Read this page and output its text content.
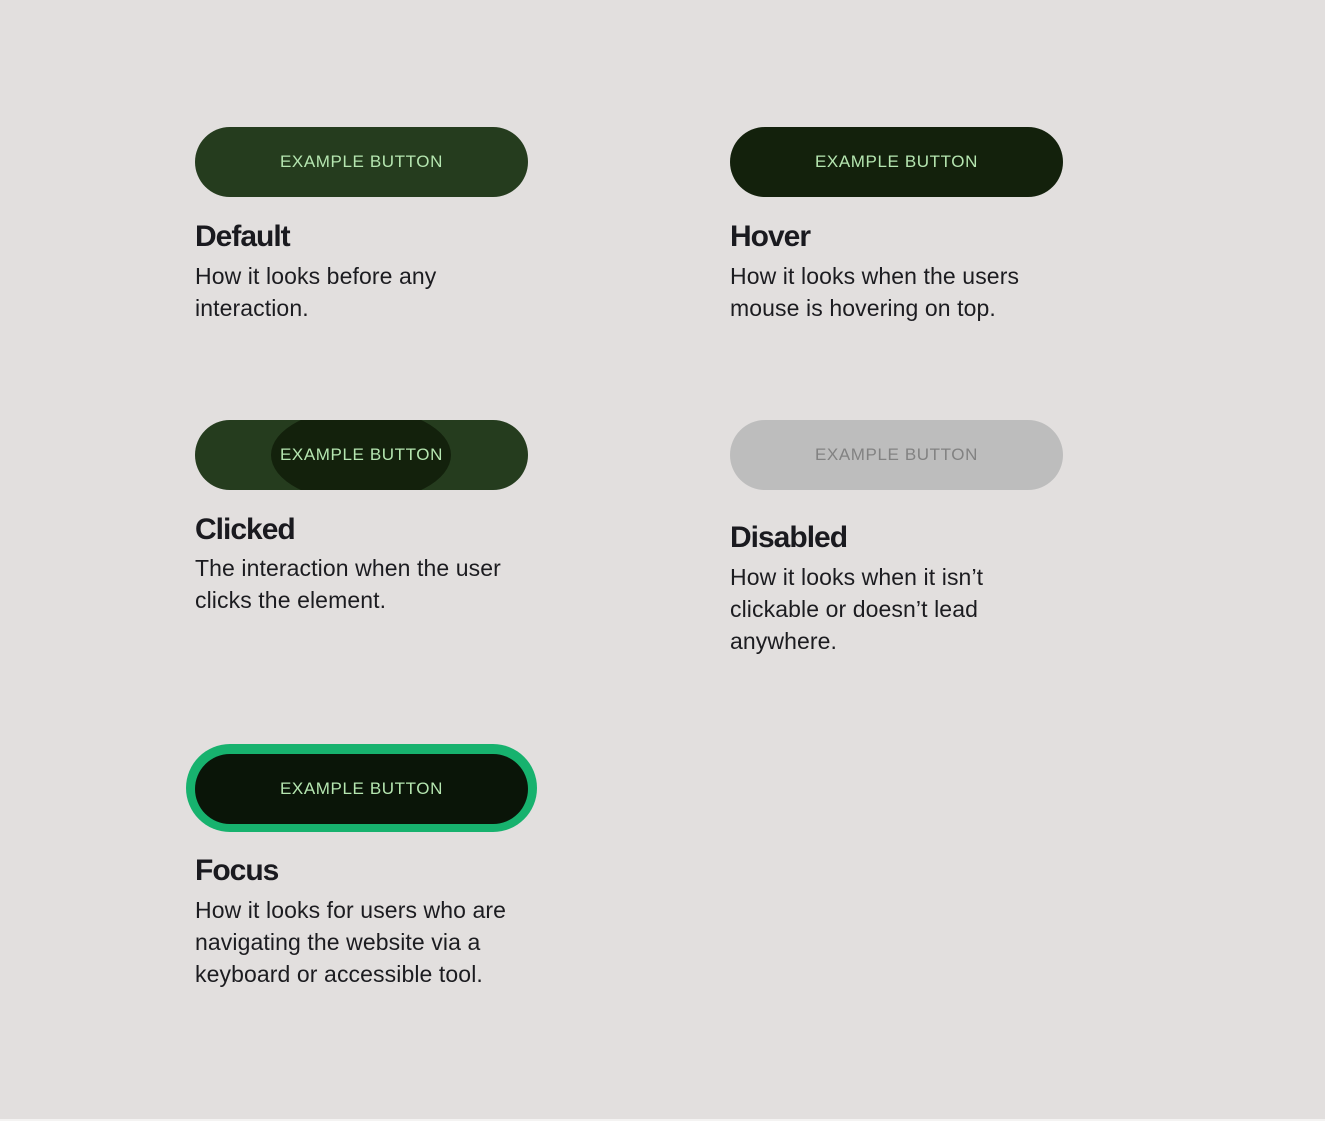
EXAMPLE BUTTON
Default

How it looks before any
interaction.

EXAMPLE BUTTON
Hover

How it looks when the users
mouse is hovering on top.

EXAMPLE BUTTON
Clicked

The interaction when the user
clicks the element.

EXAMPLE BUTTON
Disabled

How it looks when it isn’t
clickable or doesn’t lead
anywhere.

EXAMPLE BUTTON
Focus

How it looks for users who are
navigating the website via a
keyboard or accessible tool.
